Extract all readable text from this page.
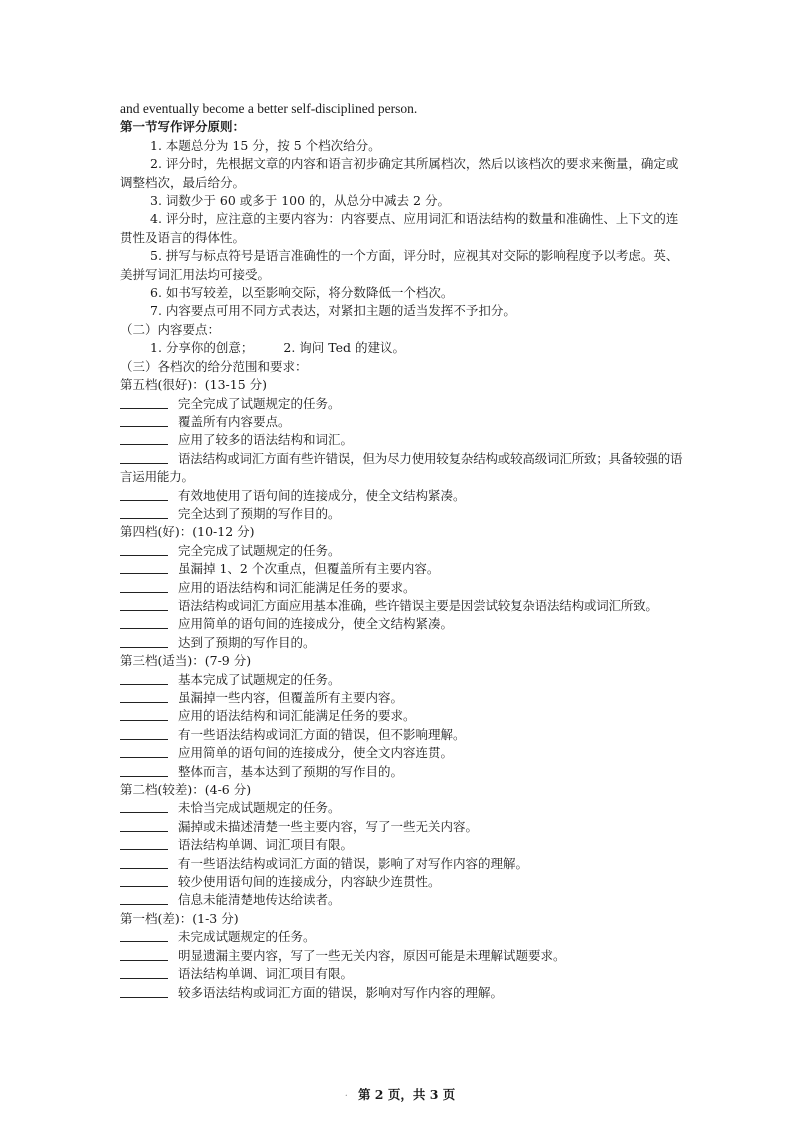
and eventually become a better self-disciplined person.
第一节写作评分原则：
1. 本题总分为 15 分，按 5 个档次给分。
2. 评分时，先根据文章的内容和语言初步确定其所属档次，然后以该档次的要求来衡量，确定或调整档次，最后给分。
3. 词数少于 60 或多于 100 的，从总分中减去 2 分。
4. 评分时，应注意的主要内容为：内容要点、应用词汇和语法结构的数量和准确性、上下文的连贯性及语言的得体性。
5. 拼写与标点符号是语言准确性的一个方面，评分时，应视其对交际的影响程度予以考虑。英、美拼写词汇用法均可接受。
6. 如书写较差，以至影响交际，将分数降低一个档次。
7. 内容要点可用不同方式表达，对紧扣主题的适当发挥不予扣分。
（二）内容要点：
1. 分享你的创意； 2. 询问 Ted 的建议。
（三）各档次的给分范围和要求：
第五档(很好)：(13-15 分)
完全完成了试题规定的任务。
覆盖所有内容要点。
应用了较多的语法结构和词汇。
语法结构或词汇方面有些许错误，但为尽力使用较复杂结构或较高级词汇所致；具备较强的语言运用能力。
有效地使用了语句间的连接成分，使全文结构紧凑。
完全达到了预期的写作目的。
第四档(好)：(10-12 分)
完全完成了试题规定的任务。
虽漏掉 1、2 个次重点，但覆盖所有主要内容。
应用的语法结构和词汇能满足任务的要求。
语法结构或词汇方面应用基本准确，些许错误主要是因尝试较复杂语法结构或词汇所致。
应用简单的语句间的连接成分，使全文结构紧凑。
达到了预期的写作目的。
第三档(适当)：(7-9 分)
基本完成了试题规定的任务。
虽漏掉一些内容，但覆盖所有主要内容。
应用的语法结构和词汇能满足任务的要求。
有一些语法结构或词汇方面的错误，但不影响理解。
应用简单的语句间的连接成分，使全文内容连贯。
整体而言，基本达到了预期的写作目的。
第二档(较差)：(4-6 分)
未恰当完成试题规定的任务。
漏掉或未描述清楚一些主要内容，写了一些无关内容。
语法结构单调、词汇项目有限。
有一些语法结构或词汇方面的错误，影响了对写作内容的理解。
较少使用语句间的连接成分，内容缺少连贯性。
信息未能清楚地传达给读者。
第一档(差)：(1-3 分)
未完成试题规定的任务。
明显遗漏主要内容，写了一些无关内容，原因可能是未理解试题要求。
语法结构单调、词汇项目有限。
较多语法结构或词汇方面的错误，影响对写作内容的理解。
· 第 2 页，共 3 页
